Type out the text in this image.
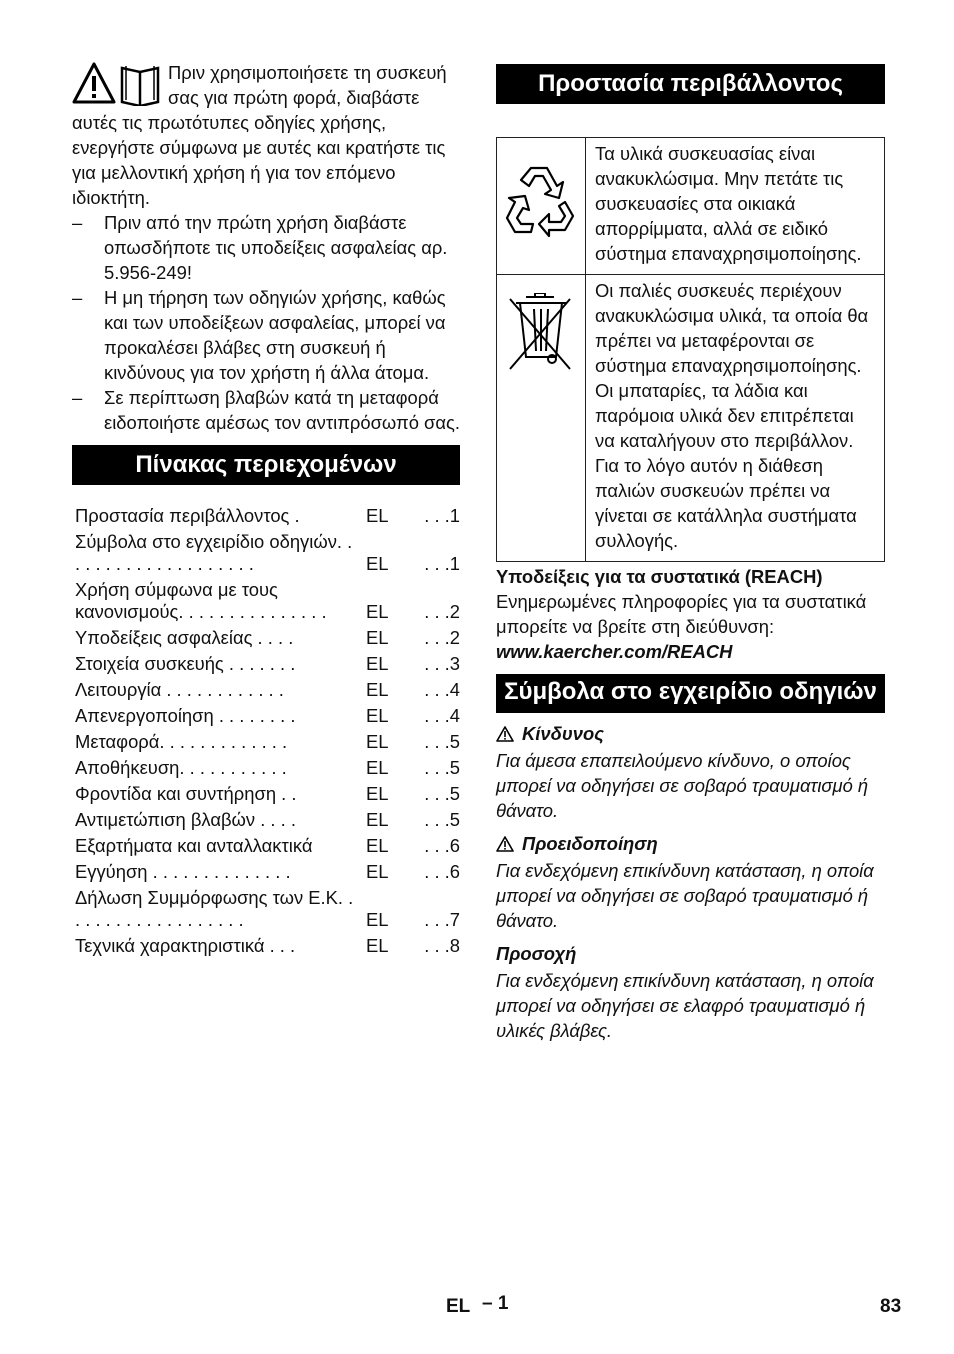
Πριν χρησιμοποιήσετε τη συσκευή σας για πρώτη φορά, διαβάστε αυτές τις πρωτότυπες οδηγίες χρήσης, ενεργήστε σύμφωνα με αυτές και κρατήστε τις για μελλοντική χρήση ή για τον επόμενο ιδιοκτήτη.

– Πριν από την πρώτη χρήση διαβάστε οπωσδήποτε τις υποδείξεις ασφαλείας αρ. 5.956-249!
– Η μη τήρηση των οδηγιών χρήσης, καθώς και των υποδείξεων ασφαλείας, μπορεί να προκαλέσει βλάβες στη συσκευή ή κινδύνους για τον χρήστη ή άλλα άτομα.
– Σε περίπτωση βλαβών κατά τη μεταφορά ειδοποιήστε αμέσως τον αντιπρόσωπό σας.
Πίνακας περιεχομένων
Προστασία περιβάλλοντος .	EL	. . .1
Σύμβολα στο εγχειρίδιο οδηγιών. . . . . . . . . . . . . . . . . . . .	EL	. . .1
Χρήση σύμφωνα με τους κανονισμούς. . . . . . . . . . . . . . .	EL	. . .2
Υποδείξεις ασφαλείας . . . .	EL	. . .2
Στοιχεία συσκευής . . . . . . .	EL	. . .3
Λειτουργία . . . . . . . . . . . .	EL	. . .4
Απενεργοποίηση . . . . . . . .	EL	. . .4
Μεταφορά. . . . . . . . . . . . .	EL	. . .5
Αποθήκευση. . . . . . . . . . .	EL	. . .5
Φροντίδα και συντήρηση . .	EL	. . .5
Αντιμετώπιση βλαβών . . . .	EL	. . .5
Εξαρτήματα και ανταλλακτικά	EL	. . .6
Εγγύηση . . . . . . . . . . . . . .	EL	. . .6
Δήλωση Συμμόρφωσης των Ε.Κ. . . . . . . . . . . . . . . . . . .	EL	. . .7
Τεχνικά χαρακτηριστικά . . .	EL	. . .8
Προστασία περιβάλλοντος
	Τα υλικά συσκευασίας είναι ανακυκλώσιμα. Μην πετάτε τις συσκευασίες στα οικιακά απορρίμματα, αλλά σε ειδικό σύστημα επαναχρησιμοποίησης.
	Οι παλιές συσκευές περιέχουν ανακυκλώσιμα υλικά, τα οποία θα πρέπει να μεταφέρονται σε σύστημα επαναχρησιμοποίησης. Οι μπαταρίες, τα λάδια και παρόμοια υλικά δεν επιτρέπεται να καταλήγουν στο περιβάλλον. Για το λόγο αυτόν η διάθεση παλιών συσκευών πρέπει να γίνεται σε κατάλληλα συστήματα συλλογής.

Υποδείξεις για τα συστατικά (REACH)

Ενημερωμένες πληροφορίες για τα συστατικά μπορείτε να βρείτε στη διεύθυνση:

www.kaercher.com/REACH

Σύμβολα στο εγχειρίδιο οδηγιών

Κίνδυνος

Για άμεσα επαπειλούμενο κίνδυνο, ο οποίος μπορεί να οδηγήσει σε σοβαρό τραυματισμό ή θάνατο.

Προειδοποίηση

Για ενδεχόμενη επικίνδυνη κατάσταση, η οποία μπορεί να οδηγήσει σε σοβαρό τραυματισμό ή θάνατο.

Προσοχή

Για ενδεχόμενη επικίνδυνη κατάσταση, η οποία μπορεί να οδηγήσει σε ελαφρό τραυματισμό ή υλικές βλάβες.

EL – 1	83
